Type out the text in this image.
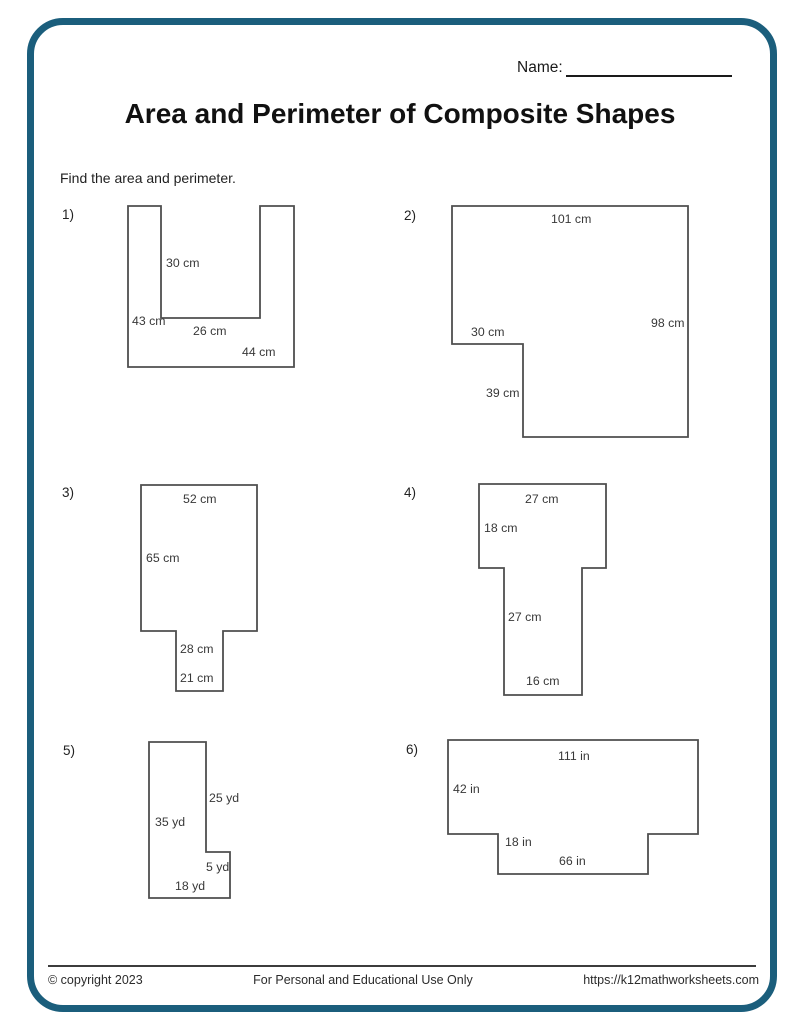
Name:
Area and Perimeter of Composite Shapes
Find the area and perimeter.
1)
30 cm
43 cm
26 cm
44 cm
2)	101 cm
98 cm
30 cm
39 cm
3)	52 cm
65 cm
28 cm
21 cm
4)	27 cm
18 cm
27 cm
16 cm
5)
25 yd
35 yd
5 yd
18 yd
6)	111 in
42 in
18 in
66 in
© copyright 2023	For Personal and Educational Use Only	https://k12mathworksheets.com
